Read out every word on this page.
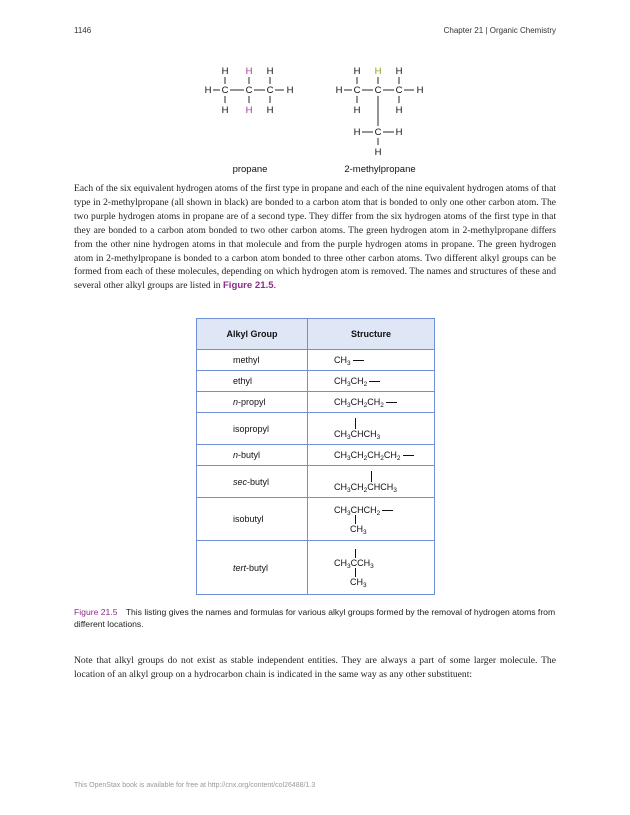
1146	Chapter 21 | Organic Chemistry
H H H
H C C C H
H H H
propane
H H H
H C C C H
H	H
H C H
H
2-methylpropane

Each of the six equivalent hydrogen atoms of the first type in propane and each of the nine equivalent hydrogen atoms of that type in 2-methylpropane (all shown in black) are bonded to a carbon atom that is bonded to only one other carbon atom. The two purple hydrogen atoms in propane are of a second type. They differ from the six hydrogen atoms of the first type in that they are bonded to a carbon atom bonded to two other carbon atoms. The green hydrogen atom in 2-methylpropane differs from the other nine hydrogen atoms in that molecule and from the purple hydrogen atoms in propane. The green hydrogen atom in 2-methylpropane is bonded to a carbon atom bonded to three other carbon atoms. Two different alkyl groups can be formed from each of these molecules, depending on which hydrogen atom is removed. The names and structures of these and several other alkyl groups are listed in Figure 21.5.

Alkyl Group	Structure
methyl	$CH_3$
ethyl	$CH_3CH_2$
n-propyl	$CH_3CH_2CH_2$
isopropyl	$CH_3CHCH_3$
n-butyl	$CH_3CH_2CH_2CH_2$
sec-butyl	$CH_3CH_2CHCH_3$
isobutyl	$CH_3CHCH_2$
$CH_3$

tert-butyl	$CH_3CCH_3$
$CH_3$
Figure 21.5 This listing gives the names and formulas for various alkyl groups formed by the removal of hydrogen atoms from different locations.

Note that alkyl groups do not exist as stable independent entities. They are always a part of some larger molecule. The location of an alkyl group on a hydrocarbon chain is indicated in the same way as any other substituent:

This OpenStax book is available for free at http://cnx.org/content/col26488/1.3
